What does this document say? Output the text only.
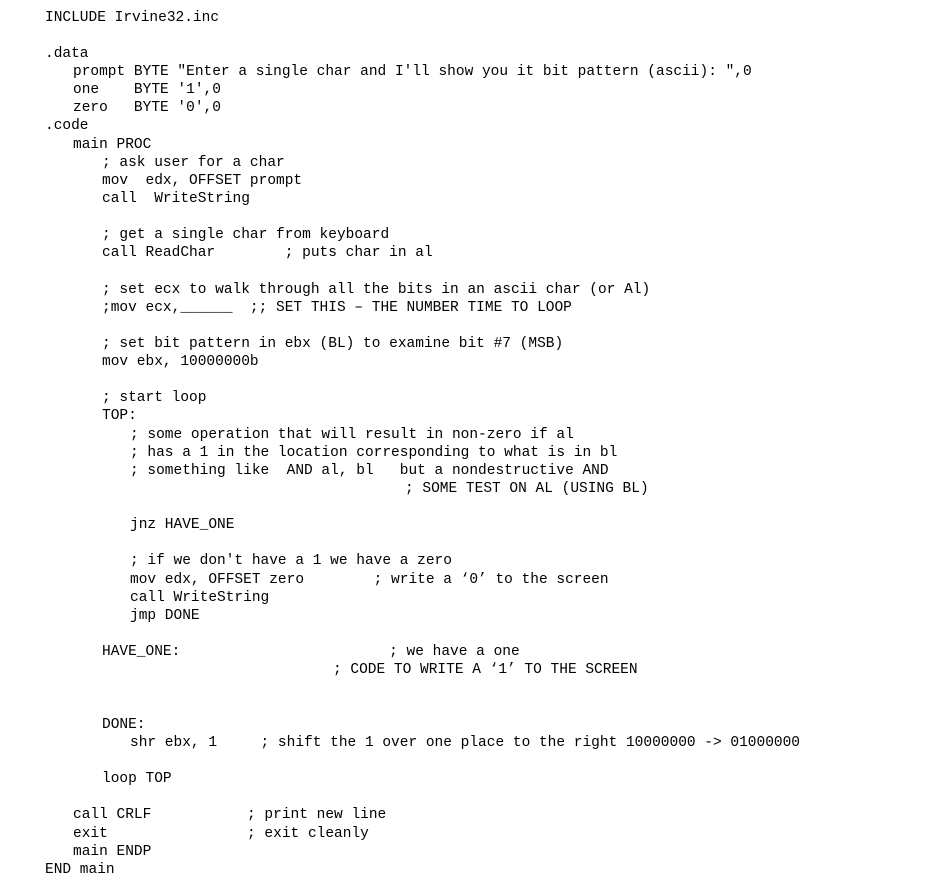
INCLUDE Irvine32.inc
.data
prompt BYTE "Enter a single char and I'll show you it bit pattern (ascii): ",0
one    BYTE '1',0
zero   BYTE '0',0
.code
main PROC
; ask user for a char
mov  edx, OFFSET prompt
call  WriteString
; get a single char from keyboard
call ReadChar        ; puts char in al
; set ecx to walk through all the bits in an ascii char (or Al)
;mov ecx,______  ;; SET THIS – THE NUMBER TIME TO LOOP
; set bit pattern in ebx (BL) to examine bit #7 (MSB)
mov ebx, 10000000b
; start loop
TOP:
; some operation that will result in non-zero if al
; has a 1 in the location corresponding to what is in bl
; something like  AND al, bl   but a nondestructive AND
; SOME TEST ON AL (USING BL)
jnz HAVE_ONE
; if we don't have a 1 we have a zero
mov edx, OFFSET zero        ; write a ‘0’ to the screen
call WriteString
jmp DONE
HAVE_ONE:                        ; we have a one
; CODE TO WRITE A ‘1’ TO THE SCREEN
DONE:
shr ebx, 1     ; shift the 1 over one place to the right 10000000 -> 01000000
loop TOP
call CRLF           ; print new line
exit                ; exit cleanly
main ENDP
END main
